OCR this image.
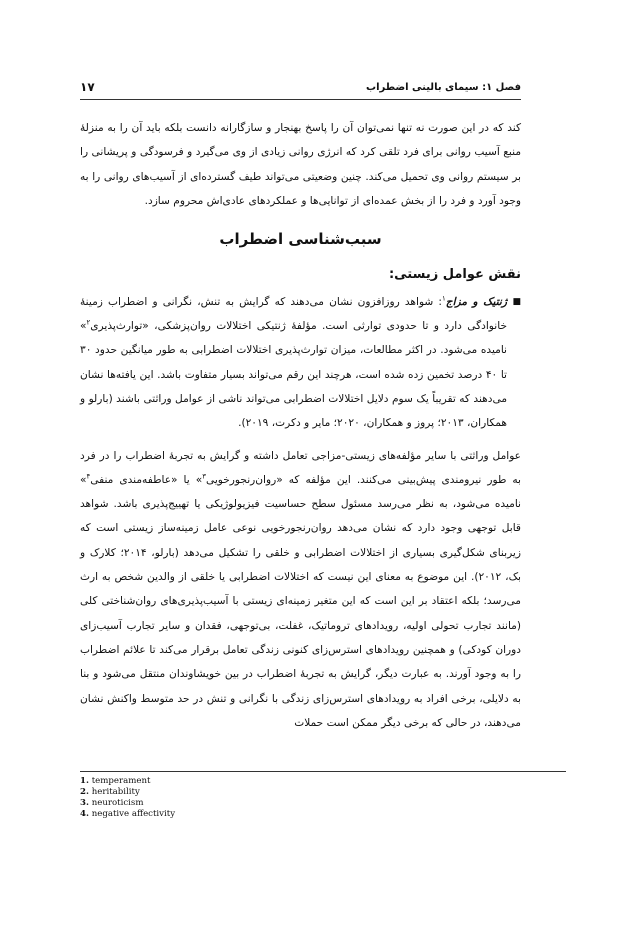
فصل ۱: سیمای بالینی اضطراب
۱۷

کند که در این صورت نه تنها نمی‌توان آن را پاسخ بهنجار و سازگارانه دانست بلکه باید آن را به منزلهٔ منبع آسیب روانی برای فرد تلقی کرد که انرژی روانی زیادی از وی می‌گیرد و فرسودگی و پریشانی را بر سیستم روانی وی تحمیل می‌کند. چنین وضعیتی می‌تواند طیف گسترده‌ای از آسیب‌های روانی را به وجود آورد و فرد را از بخش عمده‌ای از توانایی‌ها و عملکردهای عادی‌اش محروم سازد.

سبب‌شناسی اضطراب
نقش عوامل زیستی:

■
ژنتیک و مزاج$^۱$: شواهد روزافزون نشان می‌دهند که گرایش به تنش، نگرانی و اضطراب زمینهٔ خانوادگی دارد و تا حدودی توارثی است. مؤلفهٔ ژنتیکی اختلالات روان‌پزشکی، «توارث‌پذیری$^۲$» نامیده می‌شود. در اکثر مطالعات، میزان توارث‌پذیری اختلالات اضطرابی به طور میانگین حدود ۳۰ تا ۴۰ درصد تخمین زده شده است، هرچند این رقم می‌تواند بسیار متفاوت باشد. این یافته‌ها نشان می‌دهند که تقریباً یک سوم دلایل اختلالات اضطرابی می‌تواند ناشی از عوامل وراثتی باشند (بارلو و همکاران، ۲۰۱۳؛ پروز و همکاران، ۲۰۲۰؛ مایر و دکرت، ۲۰۱۹).

عوامل وراثتی با سایر مؤلفه‌های زیستی-مزاجی تعامل داشته و گرایش به تجربهٔ اضطراب را در فرد به طور نیرومندی پیش‌بینی می‌کنند. این مؤلفه که «روان‌رنجورخویی$^۳$» یا «عاطفه‌مندی منفی$^۴$» نامیده می‌شود، به نظر می‌رسد مسئول سطح حساسیت فیزیولوژیکی یا تهییج‌پذیری باشد. شواهد قابل توجهی وجود دارد که نشان می‌دهد روان‌رنجورخویی نوعی عامل زمینه‌ساز زیستی است که زیربنای شکل‌گیری بسیاری از اختلالات اضطرابی و خلقی را تشکیل می‌دهد (بارلو، ۲۰۱۴؛ کلارک و بک، ۲۰۱۲). این موضوع به معنای این نیست که اختلالات اضطرابی یا خلقی از والدین شخص به ارث می‌رسد؛ بلکه اعتقاد بر این است که این متغیر زمینه‌ای زیستی با آسیب‌پذیری‌های روان‌شناختی کلی (مانند تجارب تحولی اولیه، رویدادهای تروماتیک، غفلت، بی‌توجهی، فقدان و سایر تجارب آسیب‌زای دوران کودکی) و همچنین رویدادهای استرس‌زای کنونی زندگی تعامل برقرار می‌کند تا علائم اضطراب را به وجود آورند. به عبارت دیگر، گرایش به تجربهٔ اضطراب در بین خویشاوندان منتقل می‌شود و بنا به دلایلی، برخی افراد به رویدادهای استرس‌زای زندگی با نگرانی و تنش در حد متوسط واکنش نشان می‌دهند، در حالی که برخی دیگر ممکن است حملات

1. temperament
2. heritability
3. neuroticism
4. negative affectivity
